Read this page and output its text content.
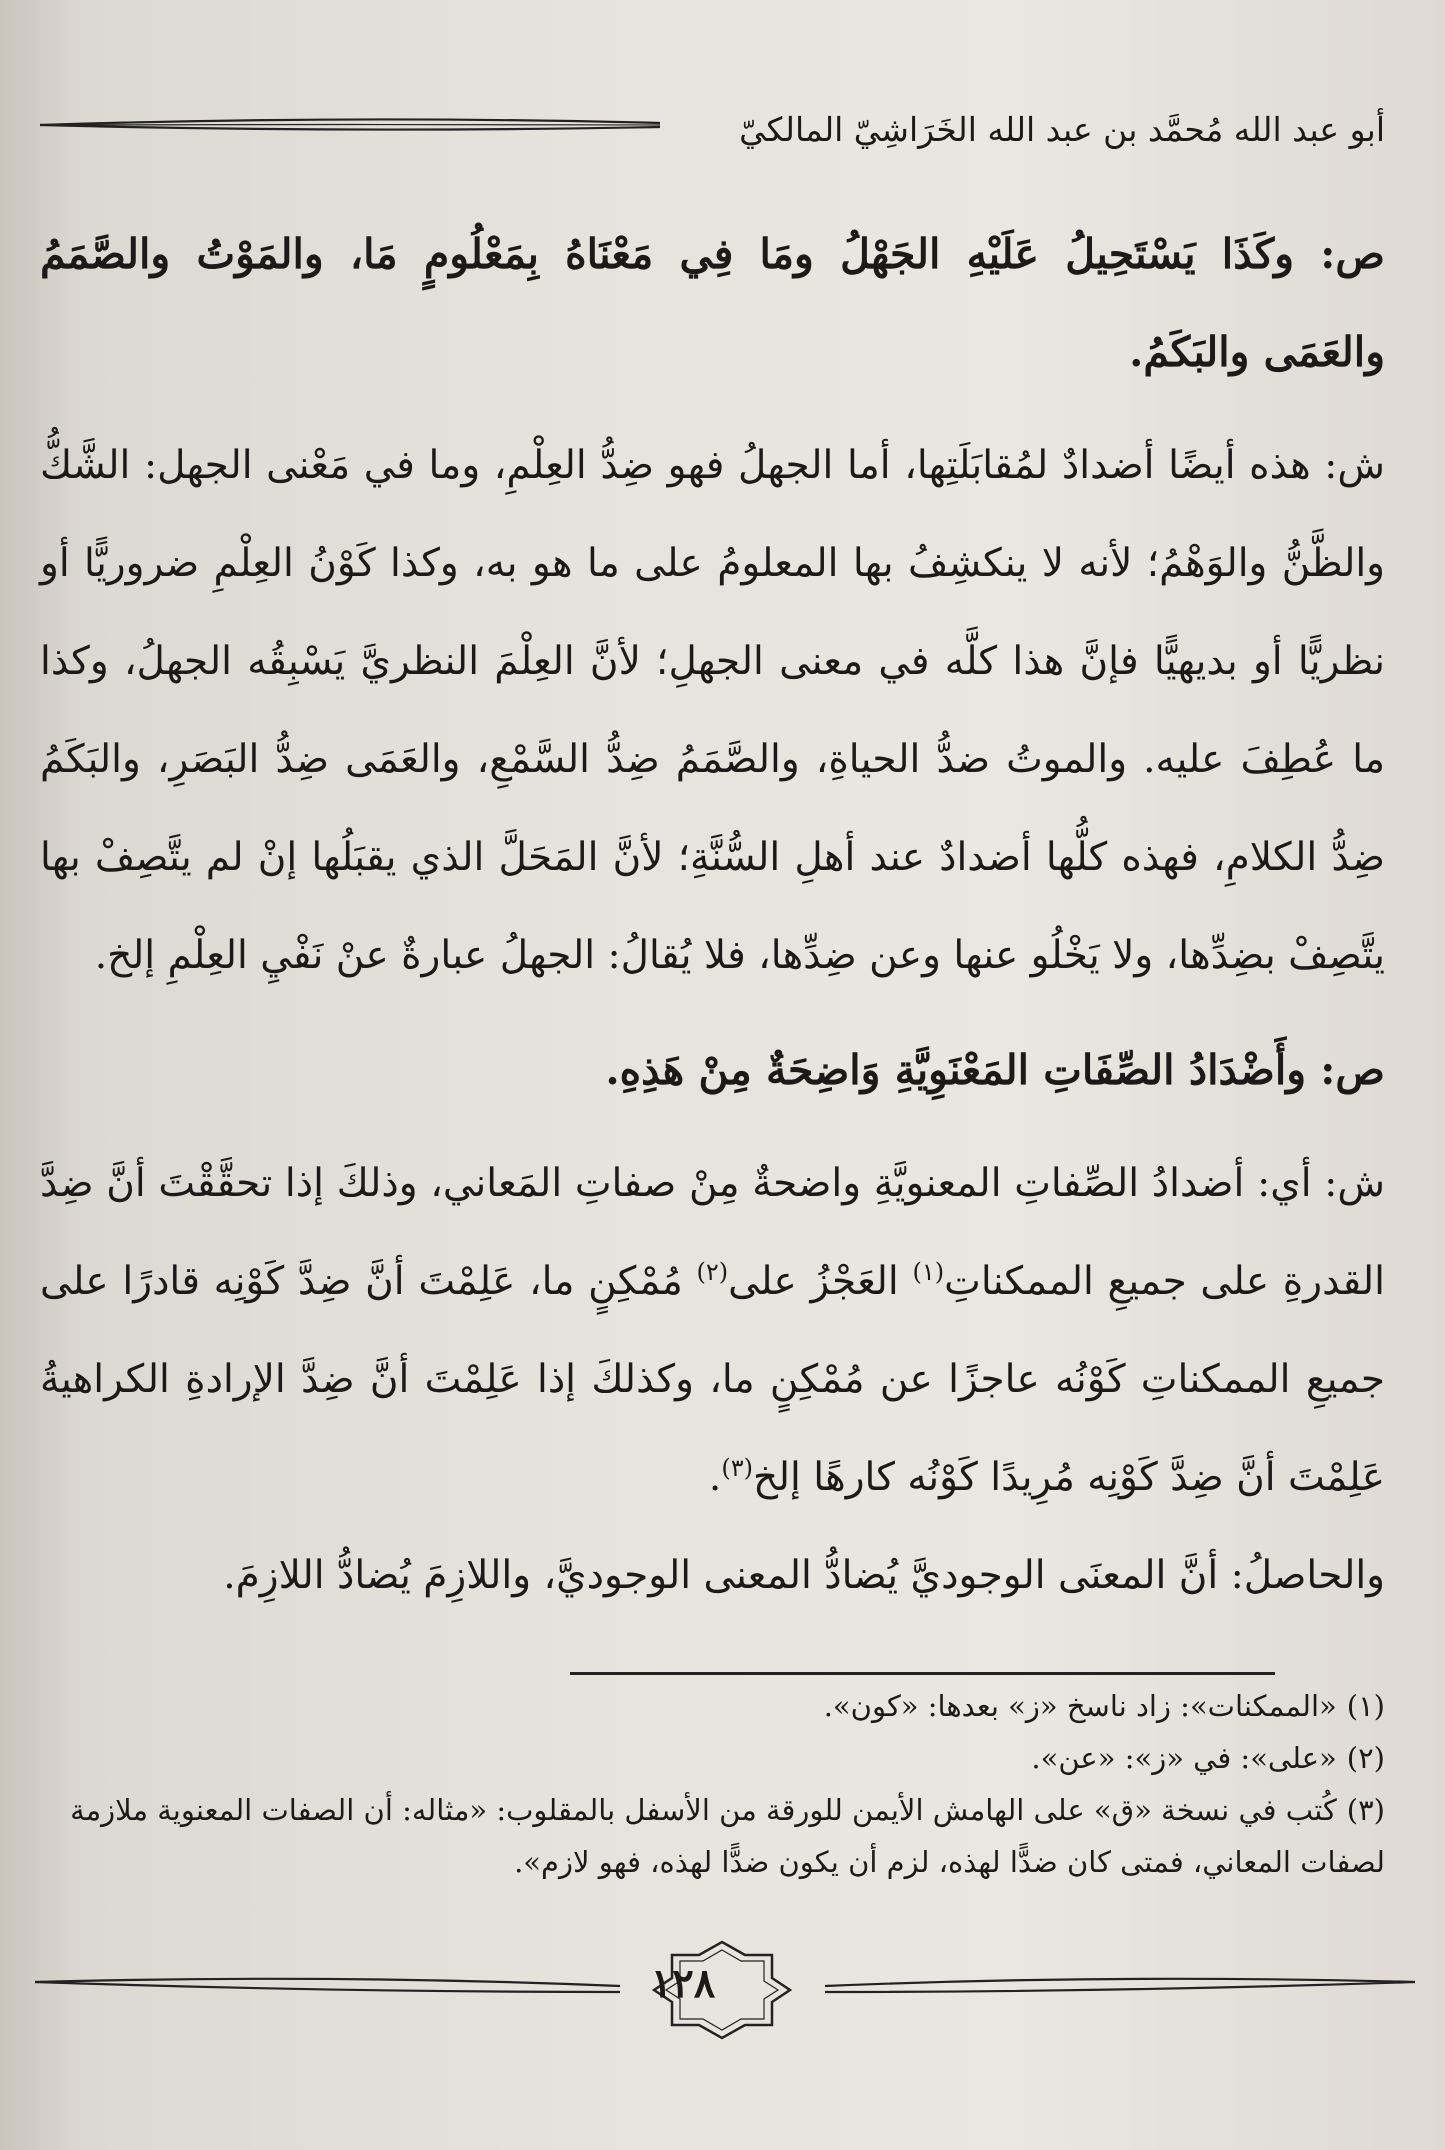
أبو عبد الله مُحمَّد بن عبد الله الخَرَاشِيّ المالكيّ

ص: وكَذَا يَسْتَحِيلُ عَلَيْهِ الجَهْلُ ومَا فِي مَعْنَاهُ بِمَعْلُومٍ مَا، والمَوْتُ والصَّمَمُ والعَمَى والبَكَمُ.

ش: هذه أيضًا أضدادٌ لمُقابَلَتِها، أما الجهلُ فهو ضِدُّ العِلْمِ، وما في مَعْنى الجهل: الشَّكُّ والظَّنُّ والوَهْمُ؛ لأنه لا ينكشِفُ بها المعلومُ على ما هو به، وكذا كَوْنُ العِلْمِ ضروريًّا أو نظريًّا أو بديهيًّا فإنَّ هذا كلَّه في معنى الجهلِ؛ لأنَّ العِلْمَ النظريَّ يَسْبِقُه الجهلُ، وكذا ما عُطِفَ عليه. والموتُ ضدُّ الحياةِ، والصَّمَمُ ضِدُّ السَّمْعِ، والعَمَى ضِدُّ البَصَرِ، والبَكَمُ ضِدُّ الكلامِ، فهذه كلُّها أضدادٌ عند أهلِ السُّنَّةِ؛ لأنَّ المَحَلَّ الذي يقبَلُها إنْ لم يتَّصِفْ بها يتَّصِفْ بضِدِّها، ولا يَخْلُو عنها وعن ضِدِّها، فلا يُقالُ: الجهلُ عبارةٌ عنْ نَفْيِ العِلْمِ إلخ.

ص: وأَضْدَادُ الصِّفَاتِ المَعْنَوِيَّةِ وَاضِحَةٌ مِنْ هَذِهِ.

ش: أي: أضدادُ الصِّفاتِ المعنويَّةِ واضحةٌ مِنْ صفاتِ المَعاني، وذلكَ إذا تحقَّقْتَ أنَّ ضِدَّ القدرةِ على جميعِ الممكناتِ$^{(١)}$ العَجْزُ على$^{(٢)}$ مُمْكِنٍ ما، عَلِمْتَ أنَّ ضِدَّ كَوْنِه قادرًا على جميعِ الممكناتِ كَوْنُه عاجزًا عن مُمْكِنٍ ما، وكذلكَ إذا عَلِمْتَ أنَّ ضِدَّ الإرادةِ الكراهيةُ عَلِمْتَ أنَّ ضِدَّ كَوْنِه مُرِيدًا كَوْنُه كارهًا إلخ$^{(٣)}$.

والحاصلُ: أنَّ المعنَى الوجوديَّ يُضادُّ المعنى الوجوديَّ، واللازِمَ يُضادُّ اللازِمَ.

(١)«الممكنات»: زاد ناسخ «ز» بعدها: «كون».

(٢)«على»: في «ز»: «عن».

(٣)كُتب في نسخة «ق» على الهامش الأيمن للورقة من الأسفل بالمقلوب: «مثاله: أن الصفات المعنوية ملازمة لصفات المعاني، فمتى كان ضدًّا لهذه، لزم أن يكون ضدًّا لهذه، فهو لازم».

١٢٨
